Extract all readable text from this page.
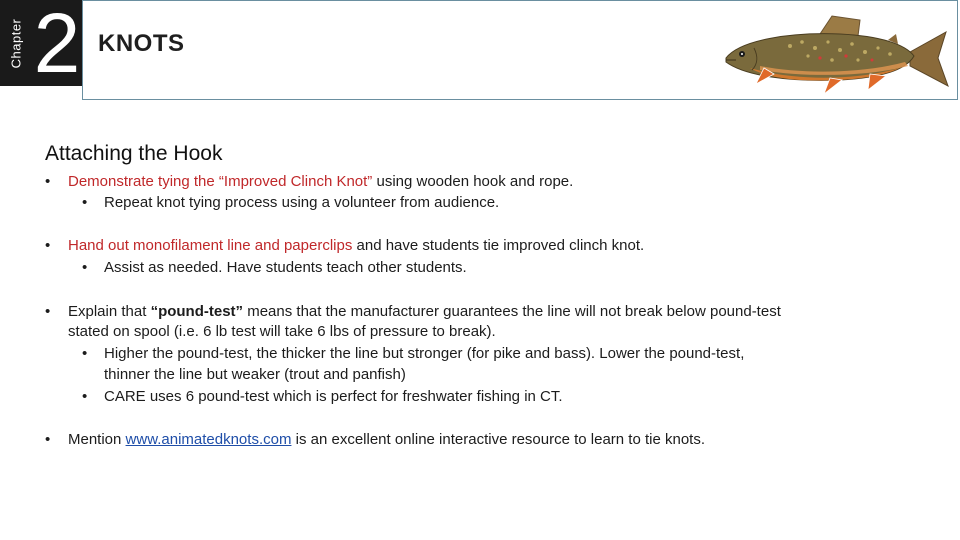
Chapter 2 KNOTS
Attaching the Hook
• Demonstrate tying the “Improved Clinch Knot” using wooden hook and rope.
• Repeat knot tying process using a volunteer from audience.
• Hand out monofilament line and paperclips and have students tie improved clinch knot.
• Assist as needed. Have students teach other students.
• Explain that “pound-test” means that the manufacturer guarantees the line will not break below pound-test
stated on spool (i.e. 6 lb test will take 6 lbs of pressure to break).
• Higher the pound-test, the thicker the line but stronger (for pike and bass). Lower the pound-test,
thinner the line but weaker (trout and panfish)
• CARE uses 6 pound-test which is perfect for freshwater fishing in CT.
• Mention www.animatedknots.com is an excellent online interactive resource to learn to tie knots.
